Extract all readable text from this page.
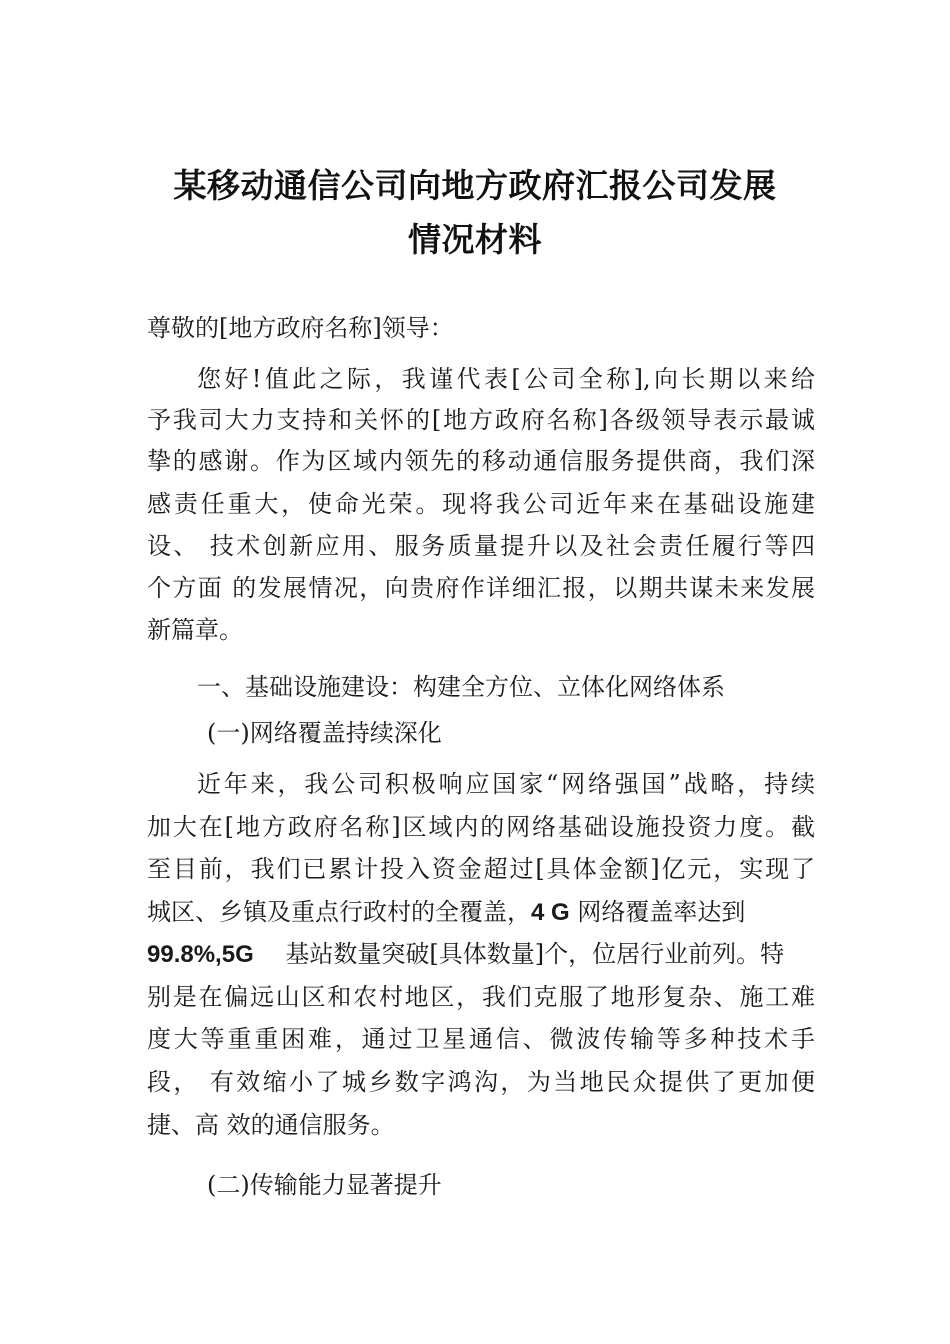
某移动通信公司向地方政府汇报公司发展
情况材料
尊敬的[地方政府名称]领导：
您好!值此之际，我谨代表[公司全称],向长期以来给
予我司大力支持和关怀的[地方政府名称]各级领导表示最诚
挚的感谢。作为区域内领先的移动通信服务提供商，我们深
感责任重大，使命光荣。现将我公司近年来在基础设施建
设、 技术创新应用、服务质量提升以及社会责任履行等四
个方面 的发展情况，向贵府作详细汇报，以期共谋未来发展
新篇章。
一、基础设施建设：构建全方位、立体化网络体系
(一)网络覆盖持续深化
近年来，我公司积极响应国家“网络强国”战略，持续
加大在[地方政府名称]区域内的网络基础设施投资力度。截
至目前，我们已累计投入资金超过[具体金额]亿元，实现了
城区、乡镇及重点行政村的全覆盖，4 G 网络覆盖率达到
99.8%,5G　 基站数量突破[具体数量]个，位居行业前列。特
别是在偏远山区和农村地区，我们克服了地形复杂、施工难
度大等重重困难，通过卫星通信、微波传输等多种技术手
段， 有效缩小了城乡数字鸿沟，为当地民众提供了更加便
捷、高 效的通信服务。
(二)传输能力显著提升
